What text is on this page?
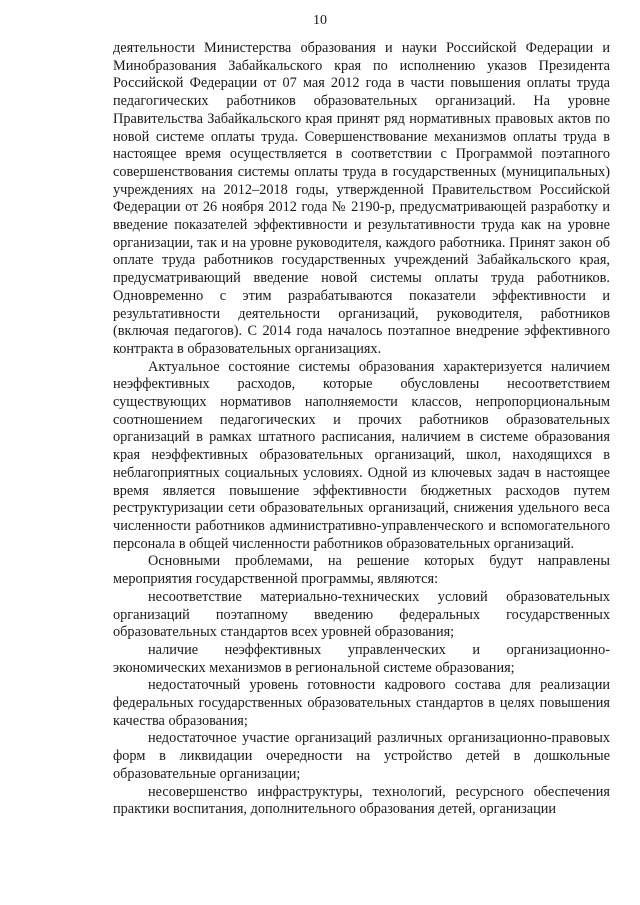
10

деятельности Министерства образования и науки Российской Федерации и Минобразования Забайкальского края по исполнению указов Президента Российской Федерации от 07 мая 2012 года в части повышения оплаты труда педагогических работников образовательных организаций. На уровне Правительства Забайкальского края принят ряд нормативных правовых актов по новой системе оплаты труда. Совершенствование механизмов оплаты труда в настоящее время осуществляется в соответствии с Программой поэтапного совершенствования системы оплаты труда в государственных (муниципальных) учреждениях на 2012–2018 годы, утвержденной Правительством Российской Федерации от 26 ноября 2012 года № 2190-р, предусматривающей разработку и введение показателей эффективности и результативности труда как на уровне организации, так и на уровне руководителя, каждого работника. Принят закон об оплате труда работников государственных учреждений Забайкальского края, предусматривающий введение новой системы оплаты труда работников. Одновременно с этим разрабатываются показатели эффективности и результативности деятельности организаций, руководителя, работников (включая педагогов). С 2014 года началось поэтапное внедрение эффективного контракта в образовательных организациях.

Актуальное состояние системы образования характеризуется наличием неэффективных расходов, которые обусловлены несоответствием существующих нормативов наполняемости классов, непропорциональным соотношением педагогических и прочих работников образовательных организаций в рамках штатного расписания, наличием в системе образования края неэффективных образовательных организаций, школ, находящихся в неблагоприятных социальных условиях. Одной из ключевых задач в настоящее время является повышение эффективности бюджетных расходов путем реструктуризации сети образовательных организаций, снижения удельного веса численности работников административно-управленческого и вспомогательного персонала в общей численности работников образовательных организаций.

Основными проблемами, на решение которых будут направлены мероприятия государственной программы, являются:

несоответствие материально-технических условий образовательных организаций поэтапному введению федеральных государственных образовательных стандартов всех уровней образования;

наличие неэффективных управленческих и организационно-экономических механизмов в региональной системе образования;

недостаточный уровень готовности кадрового состава для реализации федеральных государственных образовательных стандартов в целях повышения качества образования;

недостаточное участие организаций различных организационно-правовых форм в ликвидации очередности на устройство детей в дошкольные образовательные организации;

несовершенство инфраструктуры, технологий, ресурсного обеспечения практики воспитания, дополнительного образования детей, организации
